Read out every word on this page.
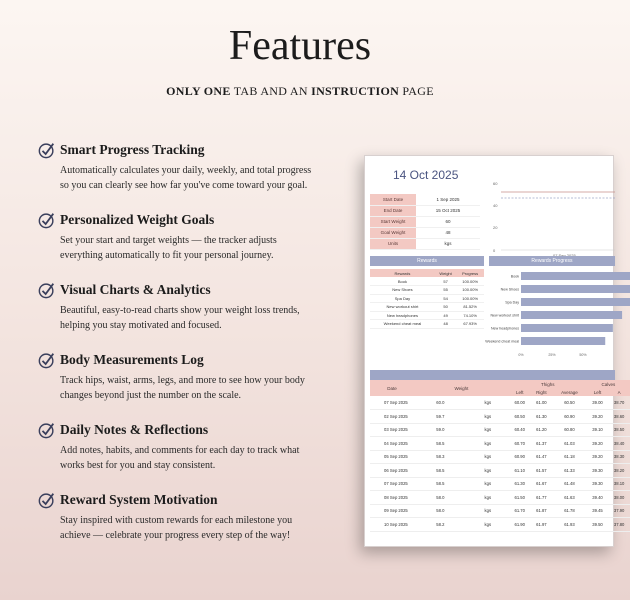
Features
ONLY ONE TAB AND AN INSTRUCTION PAGE
Smart Progress Tracking
Automatically calculates your daily, weekly, and total progress so you can clearly see how far you've come toward your goal.
Personalized Weight Goals
Set your start and target weights — the tracker adjusts everything automatically to fit your personal journey.
Visual Charts & Analytics
Beautiful, easy-to-read charts show your weight loss trends, helping you stay motivated and focused.
Body Measurements Log
Track hips, waist, arms, legs, and more to see how your body changes beyond just the number on the scale.
Daily Notes & Reflections
Add notes, habits, and comments for each day to track what works best for you and stay consistent.
Reward System Motivation
Stay inspired with custom rewards for each milestone you achieve — celebrate your progress every step of the way!
14 Oct 2025
Start Date	1 Sep 2025
End Date	15 Oct 2025
Start Weight	60
Goal Weight	48
Units	kgs
60
40
20
0
Rewards
Rewards	Weight	Progress
Book	57	100.00%
New Shoes	55	100.00%
Spa Day	54	100.00%
New workout shirt	50	81.52%
New headphones	49	74.10%
Weekend cheat meal	48	67.93%
Rewards Progress
Book
New Shoes
Spa Day
New workout shirt
New headphones
Weekend cheat meal
0%	25%	50%
Date	Weight		Thighs			Calves	
			Left	Right	Average	Left	A
07 Sep 2025	60.0	kgs	60.00	61.00	60.50	39.00	38.70
02 Sep 2025	59.7	kgs	60.50	61.30	60.90	39.20	38.60
03 Sep 2025	59.0	kgs	60.40	61.20	60.80	39.10	38.50
04 Sep 2025	58.5	kgs	60.70	61.37	61.03	39.20	38.40
05 Sep 2025	58.3	kgs	60.90	61.47	61.18	39.20	38.30
06 Sep 2025	58.5	kgs	61.10	61.57	61.33	39.30	38.20
07 Sep 2025	58.5	kgs	61.30	61.67	61.48	39.30	38.10
08 Sep 2025	58.0	kgs	61.50	61.77	61.63	39.40	38.00
09 Sep 2025	58.0	kgs	61.70	61.87	61.78	39.45	37.90
10 Sep 2025	58.2	kgs	61.90	61.97	61.93	39.50	37.80
